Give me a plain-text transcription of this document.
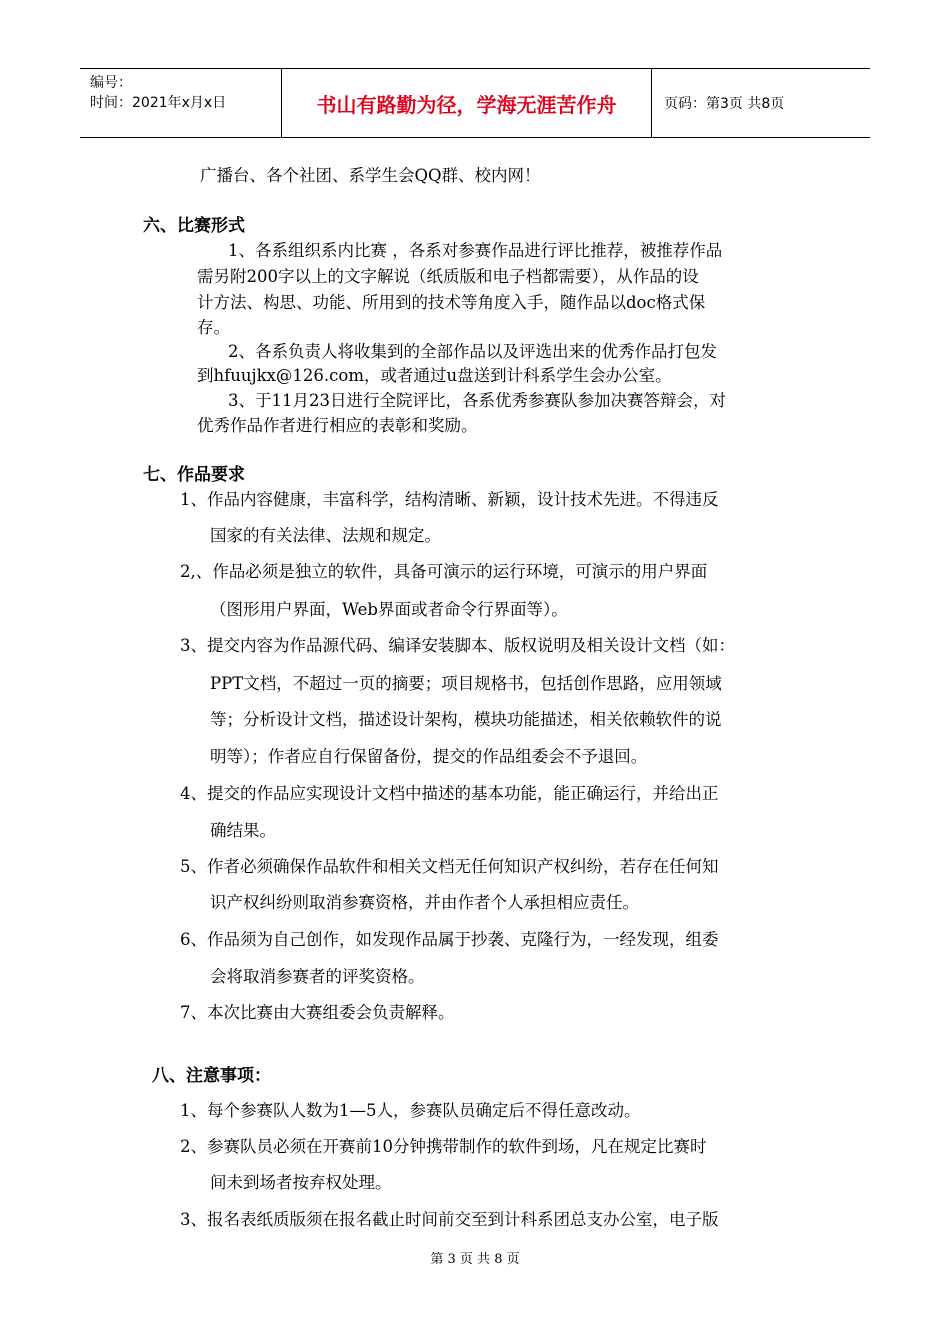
编号：
时间：2021年x月x日	书山有路勤为径，学海无涯苦作舟	页码：第3页 共8页
广播台、各个社团、系学生会QQ群、校内网！
六、比赛形式
1、各系组织系内比赛 ，各系对参赛作品进行评比推荐，被推荐作品
需另附200字以上的文字解说（纸质版和电子档都需要），从作品的设
计方法、构思、功能、所用到的技术等角度入手，随作品以doc格式保
存。
2、各系负责人将收集到的全部作品以及评选出来的优秀作品打包发
到hfuujkx@126.com，或者通过u盘送到计科系学生会办公室。
3、于11月23日进行全院评比，各系优秀参赛队参加决赛答辩会，对
优秀作品作者进行相应的表彰和奖励。
七、作品要求
1、作品内容健康，丰富科学，结构清晰、新颖，设计技术先进。不得违反
国家的有关法律、法规和规定。
2,、作品必须是独立的软件，具备可演示的运行环境，可演示的用户界面
（图形用户界面，Web界面或者命令行界面等）。
3、提交内容为作品源代码、编译安装脚本、版权说明及相关设计文档（如：
PPT文档，不超过一页的摘要；项目规格书，包括创作思路，应用领域
等；分析设计文档，描述设计架构，模块功能描述，相关依赖软件的说
明等）；作者应自行保留备份，提交的作品组委会不予退回。
4、提交的作品应实现设计文档中描述的基本功能，能正确运行，并给出正
确结果。
5、作者必须确保作品软件和相关文档无任何知识产权纠纷，若存在任何知
识产权纠纷则取消参赛资格，并由作者个人承担相应责任。
6、作品须为自己创作，如发现作品属于抄袭、克隆行为，一经发现，组委
会将取消参赛者的评奖资格。
7、本次比赛由大赛组委会负责解释。
八、注意事项：
1、每个参赛队人数为1—5人，参赛队员确定后不得任意改动。
2、参赛队员必须在开赛前10分钟携带制作的软件到场，凡在规定比赛时
间未到场者按弃权处理。
3、报名表纸质版须在报名截止时间前交至到计科系团总支办公室，电子版
第 3 页 共 8 页
